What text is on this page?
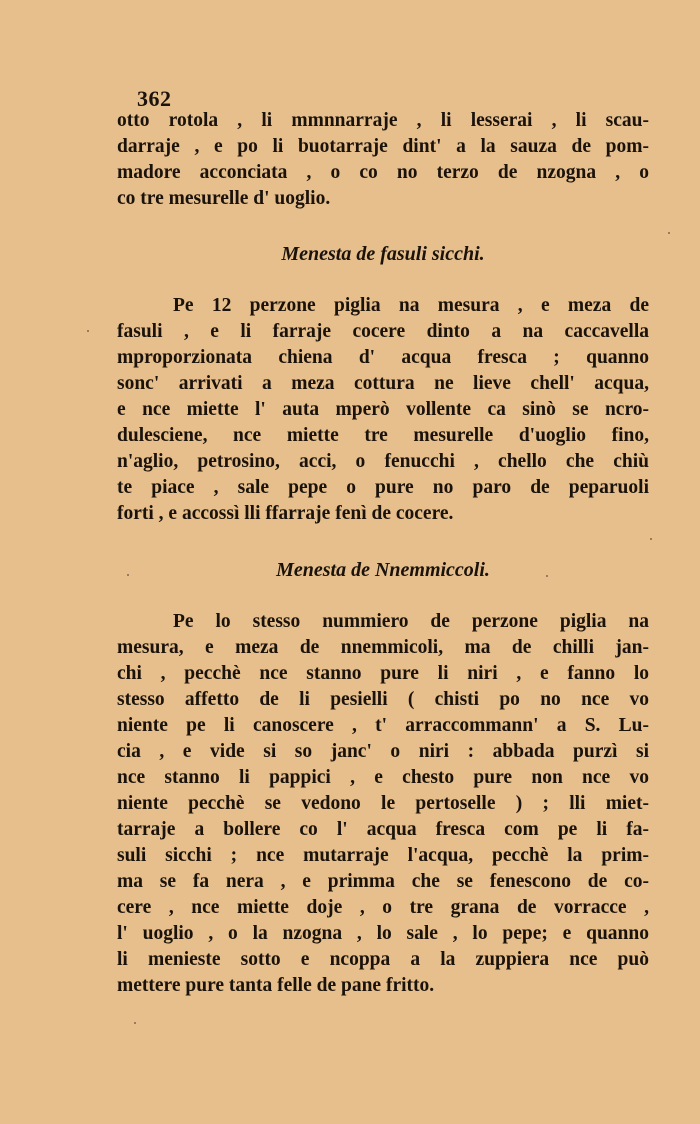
362
otto rotola , li mmnnarraje , li lesserai , li scau-
darraje , e po li buotarraje dint' a la sauza de pom-
madore acconciata , o co no terzo de nzogna , o
co tre mesurelle d' uoglio.
Menesta de fasuli sicchi.
Pe 12 perzone piglia na mesura , e meza de
fasuli , e li farraje cocere dinto a na caccavella
mproporzionata chiena d' acqua fresca ; quanno
sonc' arrivati a meza cottura ne lieve chell' acqua,
e nce miette l' auta mperò vollente ca sinò se ncro-
dulesciene, nce miette tre mesurelle d'uoglio fino,
n'aglio, petrosino, acci, o fenucchi , chello che chiù
te piace , sale pepe o pure no paro de peparuoli
forti , e accossì lli ffarraje fenì de cocere.
Menesta de Nnemmiccoli.
Pe lo stesso nummiero de perzone piglia na
mesura, e meza de nnemmicoli, ma de chilli jan-
chi , pecchè nce stanno pure li niri , e fanno lo
stesso affetto de li pesielli ( chisti po no nce vo
niente pe li canoscere , t' arraccommann' a S. Lu-
cia , e vide si so janc' o niri : abbada purzì si
nce stanno li pappici , e chesto pure non nce vo
niente pecchè se vedono le pertoselle ) ; lli miet-
tarraje a bollere co l' acqua fresca com pe li fa-
suli sicchi ; nce mutarraje l'acqua, pecchè la prim-
ma se fa nera , e primma che se fenescono de co-
cere , nce miette doje , o tre grana de vorracce ,
l' uoglio , o la nzogna , lo sale , lo pepe; e quanno
li menieste sotto e ncoppa a la zuppiera nce può
mettere pure tanta felle de pane fritto.
